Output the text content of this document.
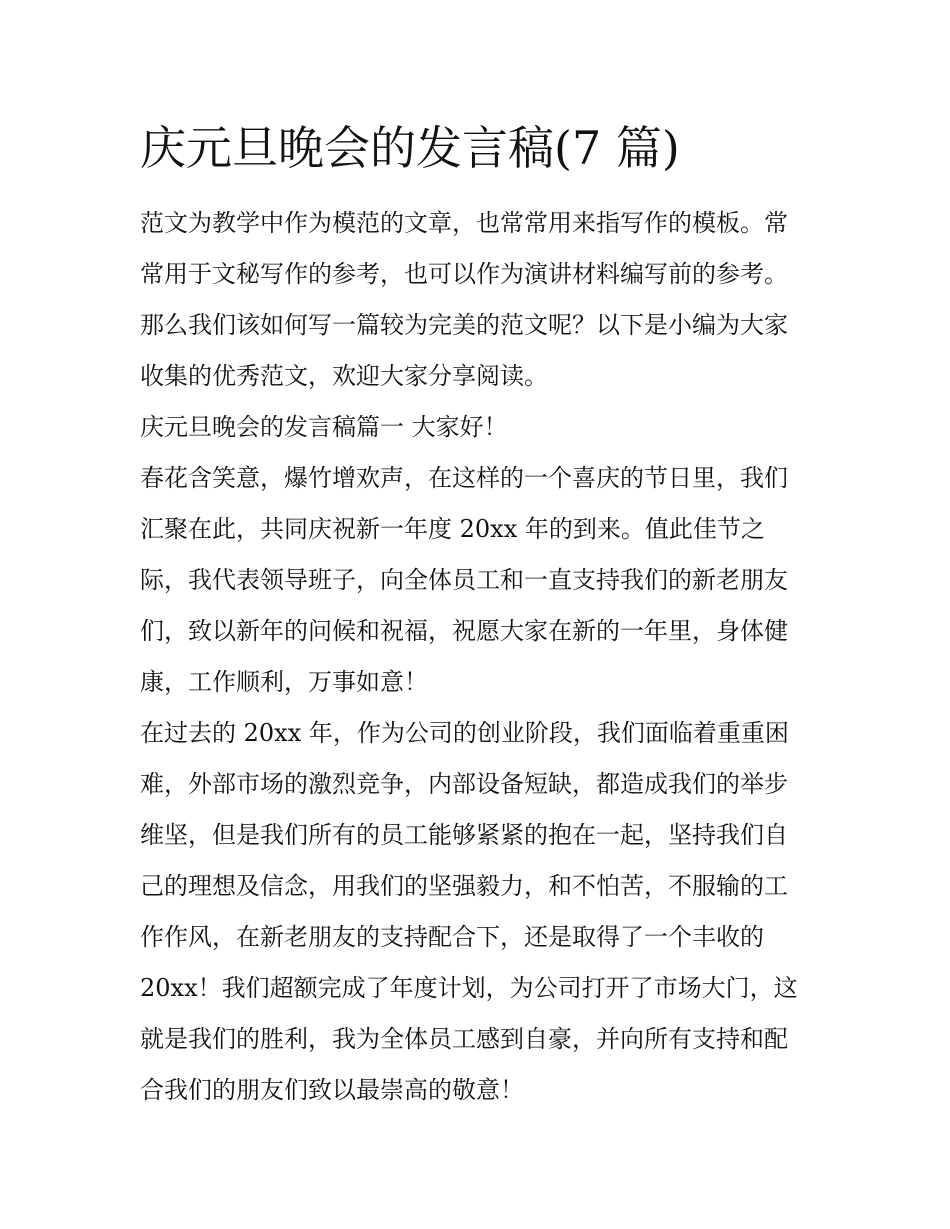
庆元旦晚会的发言稿(7 篇)
范文为教学中作为模范的文章，也常常用来指写作的模板。常
常用于文秘写作的参考，也可以作为演讲材料编写前的参考。
那么我们该如何写一篇较为完美的范文呢？以下是小编为大家
收集的优秀范文，欢迎大家分享阅读。
庆元旦晚会的发言稿篇一 大家好！
春花含笑意，爆竹增欢声，在这样的一个喜庆的节日里，我们
汇聚在此，共同庆祝新一年度 20xx 年的到来。值此佳节之
际，我代表领导班子，向全体员工和一直支持我们的新老朋友
们，致以新年的问候和祝福，祝愿大家在新的一年里，身体健
康，工作顺利，万事如意！
在过去的 20xx 年，作为公司的创业阶段，我们面临着重重困
难，外部市场的激烈竞争，内部设备短缺，都造成我们的举步
维坚，但是我们所有的员工能够紧紧的抱在一起，坚持我们自
己的理想及信念，用我们的坚强毅力，和不怕苦，不服输的工
作作风，在新老朋友的支持配合下，还是取得了一个丰收的
20xx！我们超额完成了年度计划，为公司打开了市场大门，这
就是我们的胜利，我为全体员工感到自豪，并向所有支持和配
合我们的朋友们致以最崇高的敬意！
